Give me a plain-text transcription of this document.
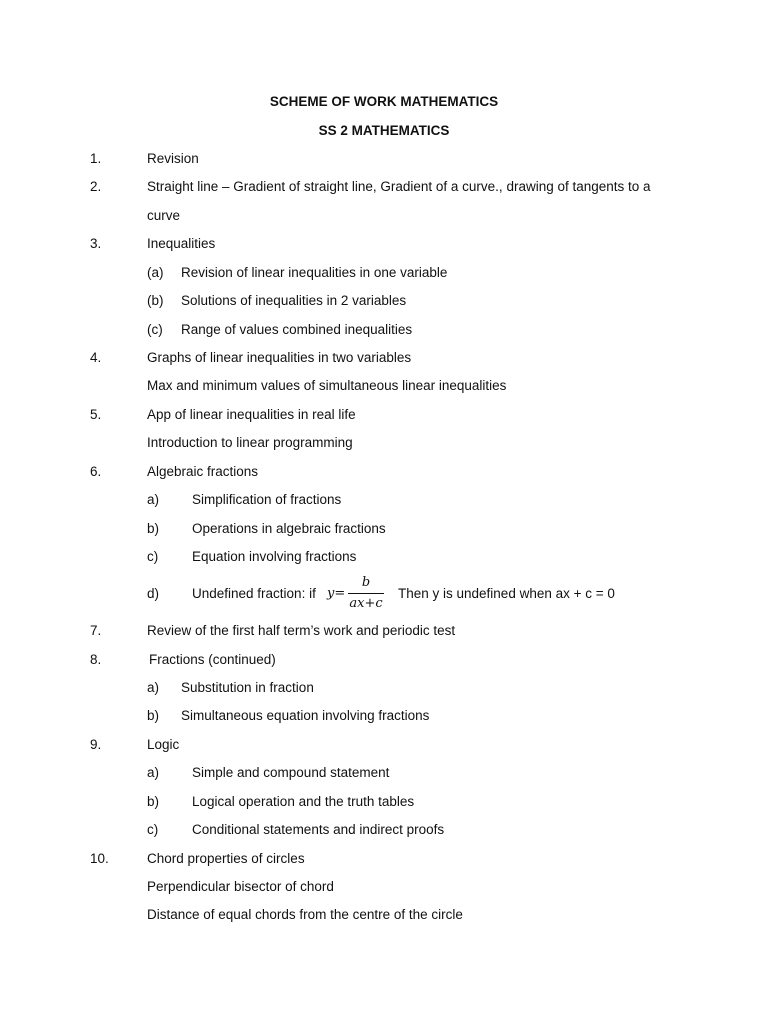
SCHEME OF WORK MATHEMATICS
SS 2 MATHEMATICS
1.	Revision
2.	Straight line – Gradient of straight line, Gradient of a curve., drawing of tangents to a
curve
3.	Inequalities
(a) Revision of linear inequalities in one variable
(b) Solutions of inequalities in 2 variables
(c) Range of values combined inequalities
4.	Graphs of linear inequalities in two variables
Max and minimum values of simultaneous linear inequalities
5.	App of linear inequalities in real life
Introduction to linear programming
6.	Algebraic fractions
a) Simplification of fractions
b) Operations in algebraic fractions
c)	Equation involving fractions
d) Undefined fraction: if y=
b
ax+c
Then y is undefined when ax + c = 0
7.	Review of the first half term’s work and periodic test
8.	Fractions (continued)
a) Substitution in fraction
b) Simultaneous equation involving fractions
9.	Logic
a) Simple and compound statement
b) Logical operation and the truth tables
c)	Conditional statements and indirect proofs
10.	Chord properties of circles
Perpendicular bisector of chord
Distance of equal chords from the centre of the circle
